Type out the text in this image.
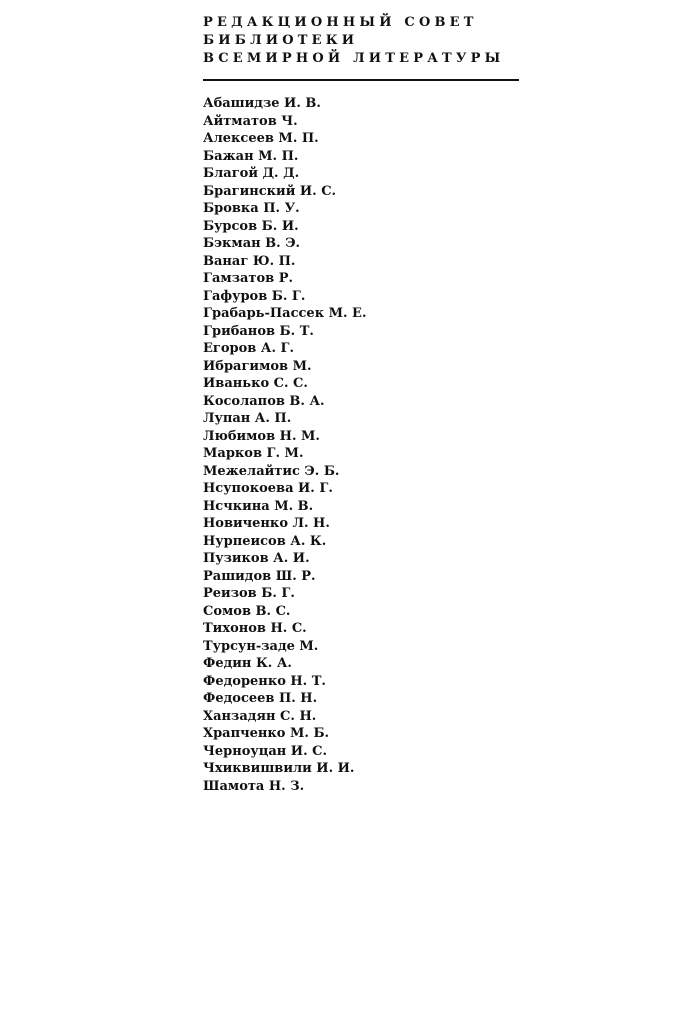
РЕДАКЦИОННЫЙ СОВЕТ
БИБЛИОТЕКИ
ВСЕМИРНОЙ ЛИТЕРАТУРЫ
Абашидзе И. В.
Айтматов Ч.
Алексеев М. П.
Бажан М. П.
Благой Д. Д.
Брагинский И. С.
Бровка П. У.
Бурсов Б. И.
Бэкман В. Э.
Ванаг Ю. П.
Гамзатов Р.
Гафуров Б. Г.
Грабарь-Пассек М. Е.
Грибанов Б. Т.
Егоров А. Г.
Ибрагимов М.
Иванько С. С.
Косолапов В. А.
Лупан А. П.
Любимов Н. М.
Марков Г. М.
Межелайтис Э. Б.
Нсупокоева И. Г.
Нсчкина М. В.
Новиченко Л. Н.
Нурпеисов А. К.
Пузиков А. И.
Рашидов Ш. Р.
Реизов Б. Г.
Сомов В. С.
Тихонов Н. С.
Турсун-заде М.
Федин К. А.
Федоренко Н. Т.
Федосеев П. Н.
Ханзадян С. Н.
Храпченко М. Б.
Черноуцан И. С.
Чхиквишвили И. И.
Шамота Н. З.
